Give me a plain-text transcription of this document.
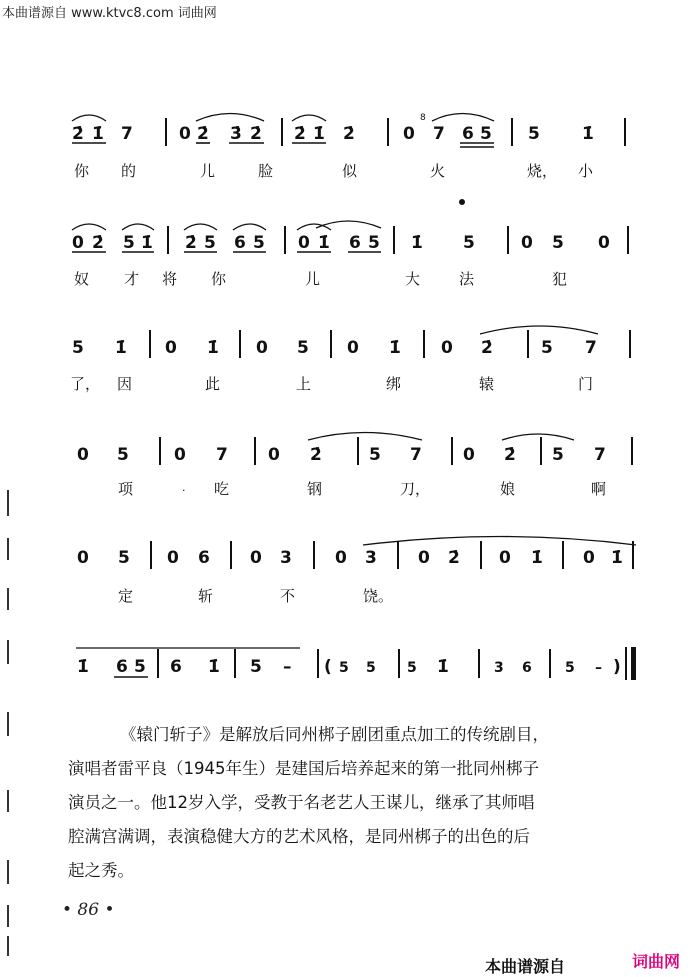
本曲谱源自 www.ktvc8.com 词曲网
2̇ 1̇ 7	0 2̇ 3̇ 2̇ 2̇ 1̇ 2̇	0 7 6 5 5 1̇
8
你 的	儿	脸	似	火	烧， 小
0 2̇ 5 1̇ 2̇ 5 6 5 0 1̇ 6 5 1̇ 5	0 5 0
奴 才 将 你	儿	大	法	犯
5 1̇ 0 1̇ 0 5 0 1̇ 0 2̇	5 7
了， 因	此	上	绑	辕	门
0 5	0 7 0 2̇	5 7 0 2̇ 5 7
项	· 吃	钢	刀，	娘	啊
0 5 0 6 0 3	0 3 0 2̇ 0 1̇ 0 1̇
定	斩	不	饶。
1̇ 6 5 6 1̇ 5 – ( 5 5 5 1̇	3 6 5 – )

《辕门斩子》是解放后同州梆子剧团重点加工的传统剧目，

演唱者雷平良（1945年生）是建国后培养起来的第一批同州梆子

演员之一。他12岁入学，受教于名老艺人王谋儿，继承了其师唱

腔满宫满调，表演稳健大方的艺术风格，是同州梆子的出色的后

起之秀。

• 86 •
本曲谱源自	词曲网
